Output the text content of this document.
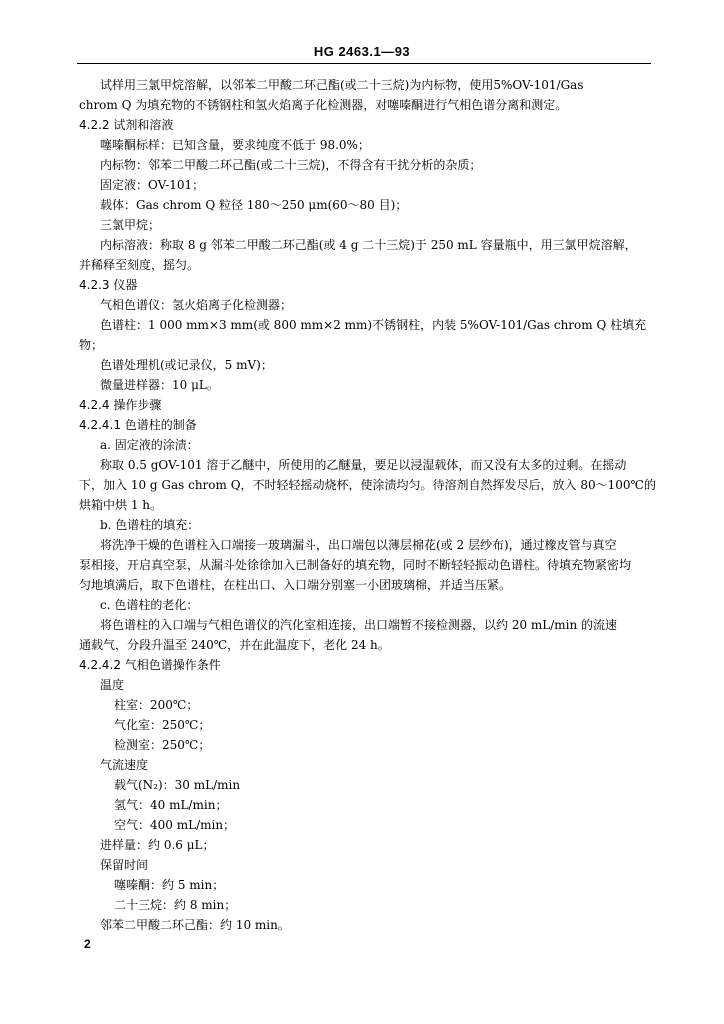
HG 2463.1—93
试样用三氯甲烷溶解，以邻苯二甲酸二环己酯(或二十三烷)为内标物，使用5%OV-101/Gas
chrom Q 为填充物的不锈钢柱和氢火焰离子化检测器，对噻嗪酮进行气相色谱分离和测定。
4.2.2 试剂和溶液
噻嗪酮标样：已知含量，要求纯度不低于 98.0%；
内标物：邻苯二甲酸二环己酯(或二十三烷)，不得含有干扰分析的杂质；
固定液：OV-101；
载体：Gas chrom Q 粒径 180～250 μm(60～80 目)；
三氯甲烷；
内标溶液：称取 8 g 邻苯二甲酸二环己酯(或 4 g 二十三烷)于 250 mL 容量瓶中，用三氯甲烷溶解，
并稀释至刻度，摇匀。
4.2.3 仪器
气相色谱仪：氢火焰离子化检测器；
色谱柱：1 000 mm×3 mm(或 800 mm×2 mm)不锈钢柱，内装 5%OV-101/Gas chrom Q 柱填充
物；
色谱处理机(或记录仪，5 mV)；
微量进样器：10 μL。
4.2.4 操作步骤
4.2.4.1 色谱柱的制备
a. 固定液的涂渍：
称取 0.5 gOV-101 溶于乙醚中，所使用的乙醚量，要足以浸湿载体，而又没有太多的过剩。在摇动
下，加入 10 g Gas chrom Q，不时轻轻摇动烧杯，使涂渍均匀。待溶剂自然挥发尽后，放入 80～100℃的
烘箱中烘 1 h。
b. 色谱柱的填充：
将洗净干燥的色谱柱入口端接一玻璃漏斗，出口端包以薄层棉花(或 2 层纱布)，通过橡皮管与真空
泵相接，开启真空泵，从漏斗处徐徐加入已制备好的填充物，同时不断轻轻振动色谱柱。待填充物紧密均
匀地填满后，取下色谱柱，在柱出口、入口端分别塞一小团玻璃棉，并适当压紧。
c. 色谱柱的老化：
将色谱柱的入口端与气相色谱仪的汽化室相连接，出口端暂不接检测器，以约 20 mL/min 的流速
通载气，分段升温至 240℃，并在此温度下，老化 24 h。
4.2.4.2 气相色谱操作条件
温度
柱室：200℃；
气化室：250℃；
检测室：250℃；
气流速度
载气(N₂)：30 mL/min
氢气：40 mL/min；
空气：400 mL/min；
进样量：约 0.6 μL；
保留时间
噻嗪酮：约 5 min；
二十三烷：约 8 min；
邻苯二甲酸二环己酯：约 10 min。
2
